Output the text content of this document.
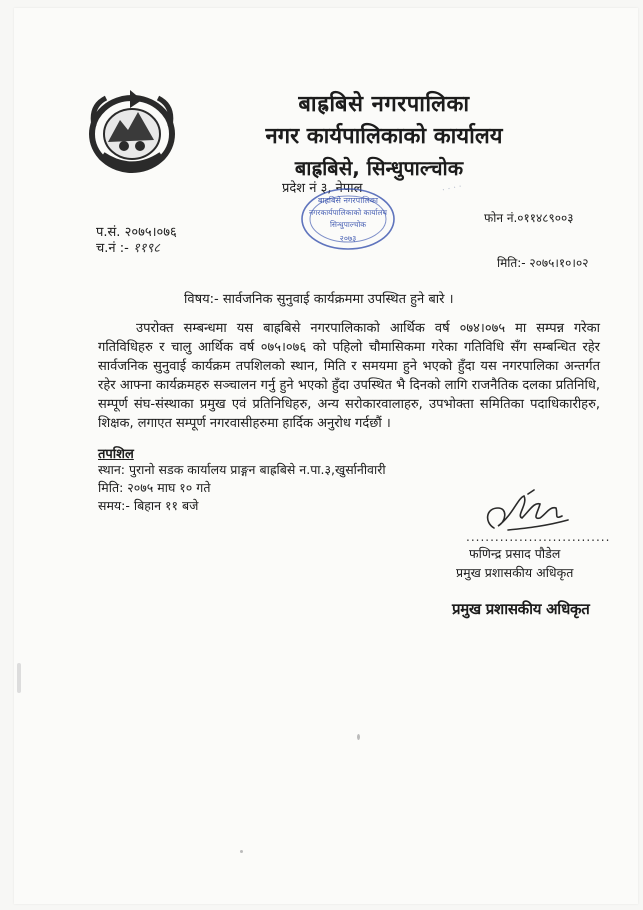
बाह्रबिसे नगरपालिका
नगर कार्यपालिकाको कार्यालय
बाह्रबिसे, सिन्धुपाल्चोक
प्रदेश नं ३, नेपाल
बाह्रबिसे नगरपालिका
नगरकार्यपालिकाको कार्यालय
सिन्धुपाल्चोक
२०७३
· · · ·
प.सं. २०७५।०७६
च.नं :- ११९८
फोन नं.०११४८९००३
मिति:- २०७५।१०।०२
विषय:- सार्वजनिक सुनुवाई कार्यक्रममा उपस्थित हुने बारे ।
उपरोक्त सम्बन्धमा यस बाह्रबिसे नगरपालिकाको आर्थिक वर्ष ०७४।०७५ मा सम्पन्न गरेका गतिविधिहरु र चालु आर्थिक वर्ष ०७५।०७६ को पहिलो चौमासिकमा गरेका गतिविधि सँग सम्बन्धित रहेर सार्वजनिक सुनुवाई कार्यक्रम तपशिलको स्थान, मिति र समयमा हुने भएको हुँदा यस नगरपालिका अन्तर्गत रहेर आफ्ना कार्यक्रमहरु सञ्चालन गर्नु हुने भएको हुँदा उपस्थित भै दिनको लागि राजनैतिक दलका प्रतिनिधि, सम्पूर्ण संघ-संस्थाका प्रमुख एवं प्रतिनिधिहरु, अन्य सरोकारवालाहरु, उपभोक्ता समितिका पदाधिकारीहरु, शिक्षक, लगाएत सम्पूर्ण नगरवासीहरुमा हार्दिक अनुरोध गर्दछौं ।
तपशिल
स्थान: पुरानो सडक कार्यालय प्राङ्गन बाह्रबिसे न.पा.३,खुर्सानीवारी
मिति: २०७५ माघ १० गते
समय:- बिहान ११ बजे
..............................
फणिन्द्र प्रसाद पौडेल
प्रमुख प्रशासकीय अधिकृत
प्रमुख प्रशासकीय अधिकृत
